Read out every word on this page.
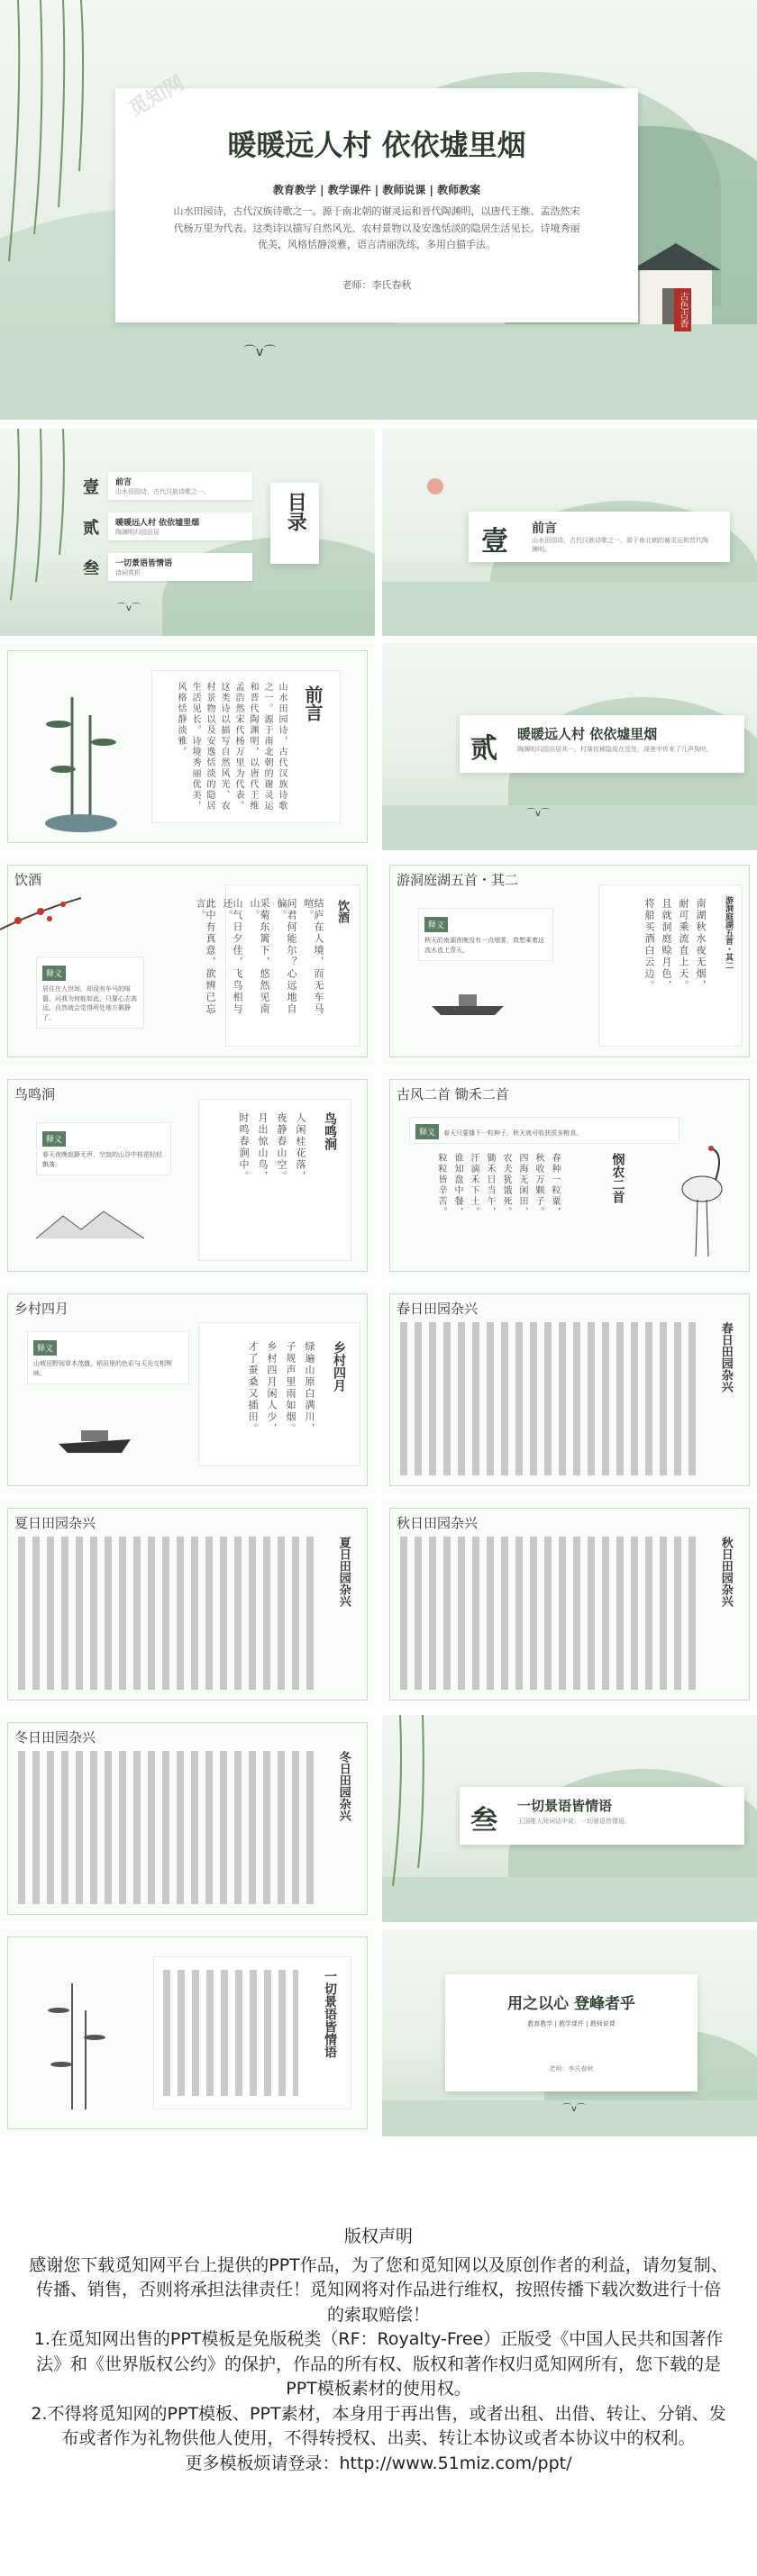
暖暖远人村 依依墟里烟
教育教学 | 教学课件 | 教师说课 | 教师教案
山水田园诗，古代汉族诗歌之一。源于南北朝的谢灵运和晋代陶渊明，以唐代王维、孟浩然宋代杨万里为代表。这类诗以描写自然风光、农村景物以及安逸恬淡的隐居生活见长。诗境秀丽优美，风格恬静淡雅，语言清丽洗练，多用白描手法。
老师：李氏春秋
古色古香
⌒v⌒
觅知网
壹 前言
山水田园诗，古代汉族诗歌之一。
贰 暖暖远人村 依依墟里烟
陶渊明归园田居
叁 一切景语皆情语
诗词赏析
目录
⌒v⌒
壹 前言
山水田园诗，古代汉族诗歌之一。源于南北朝的谢灵运和晋代陶渊明。
山水田园诗，古代汉族诗歌
之一。源于南北朝的谢灵运
和晋代陶渊明，以唐代王维
孟浩然宋代杨万里为代表。
这类诗以描写自然风光、农
村景物以及安逸恬淡的隐居
生活见长。诗境秀丽优美，
风格恬静淡雅。	前言
贰 暖暖远人村 依依墟里烟
陶渊明归园田居其一，村落依稀隐现在远处，深巷中传来了几声狗吠。
⌒v⌒
饮酒
释义
居住在人世间，却没有车马的喧嚣。问我为何能如此，只要心志高远，自然就会觉得所处地方僻静了。
结庐在人境，而无车马喧。
问君何能尔？心远地自偏。
采菊东篱下，悠然见南山。
山气日夕佳，飞鸟相与还。
此中有真意，欲辨已忘言。	饮酒
游洞庭湖五首・其二
释义
秋天的南湖夜晚没有一点烟雾，真想乘着这流水直上青天。	南湖秋水夜无烟，
耐可乘流直上天。
且就洞庭赊月色，
将船买酒白云边。	游洞庭湖五首・其二
鸟鸣涧
释义
春天夜晚寂静无声，空寂的山谷中桂花轻轻飘落。	人闲桂花落，
夜静春山空。
月出惊山鸟，
时鸣春涧中。	鸟鸣涧
古风二首 锄禾二首
释义 春天只要播下一粒种子，秋天就可收获很多粮食。
春种一粒粟，
秋收万颗子。
四海无闲田，
农夫犹饿死。
锄禾日当午，
汗滴禾下土。
谁知盘中餐，
粒粒皆辛苦。	悯农二首
乡村四月
释义
山坡田野间草木茂盛，稻田里的色彩与天光交相辉映。	绿遍山原白满川，
子规声里雨如烟。
乡村四月闲人少，
才了蚕桑又插田。	乡村四月
春日田园杂兴
春日田园杂兴
夏日田园杂兴
夏日田园杂兴
秋日田园杂兴
秋日田园杂兴
冬日田园杂兴
冬日田园杂兴	叁 一切景语皆情语
王国维人间词话中说：一切景语皆情语。
一切景语皆情语	用之以心 登峰者乎
教育教学 | 教学课件 | 教师说课
老师：李氏春秋
⌒v⌒
版权声明
感谢您下载觅知网平台上提供的PPT作品，为了您和觅知网以及原创作者的利益，请勿复制、传播、销售，否则将承担法律责任！觅知网将对作品进行维权，按照传播下载次数进行十倍的索取赔偿！
1.在觅知网出售的PPT模板是免版税类（RF：Royalty-Free）正版受《中国人民共和国著作法》和《世界版权公约》的保护，作品的所有权、版权和著作权归觅知网所有，您下载的是PPT模板素材的使用权。
2.不得将觅知网的PPT模板、PPT素材，本身用于再出售，或者出租、出借、转让、分销、发布或者作为礼物供他人使用，不得转授权、出卖、转让本协议或者本协议中的权利。
更多模板烦请登录：http://www.51miz.com/ppt/
